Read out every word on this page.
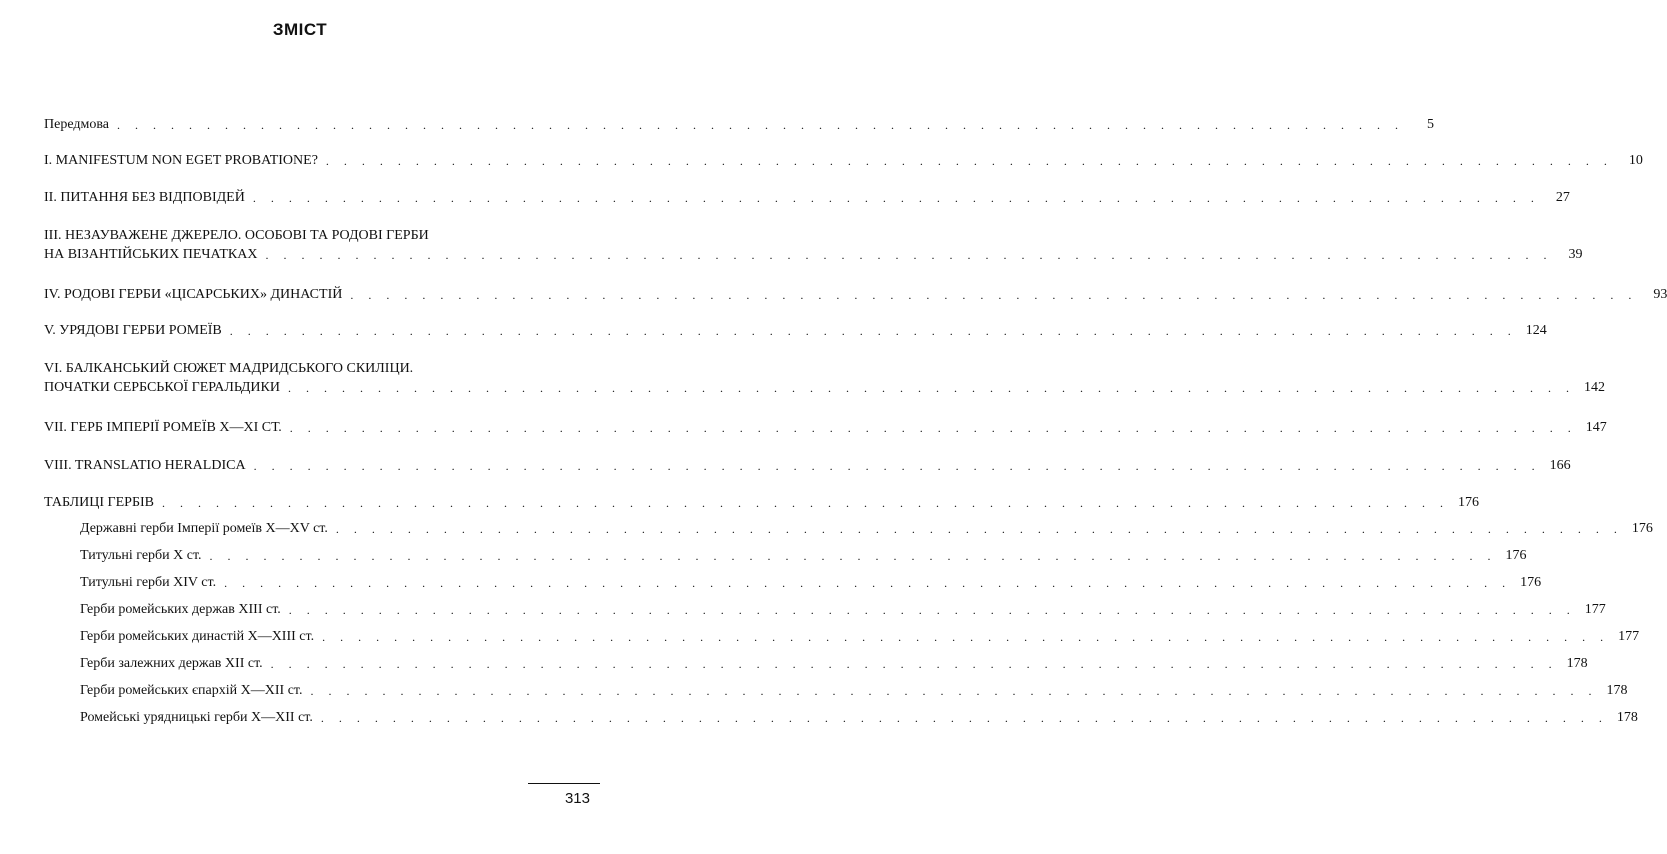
ЗМІСТ
Передмова . . . . . . . . . . . . . . . . . . . . . . . . . . . . . . . . . . . . . . . . . . . . . . . . . . . . . . . . . . . . . . . . . . . . . . . .	5
I. MANIFESTUM NON EGET PROBATIONE? . . . . . . . . . . . . . . . . . . . . . . . . . . . . . . . . . . . . . . . . . . . . . . . . . . . . . . . . . . . . . . . . . . . . . . . .	10
II. ПИТАННЯ БЕЗ ВІДПОВІДЕЙ . . . . . . . . . . . . . . . . . . . . . . . . . . . . . . . . . . . . . . . . . . . . . . . . . . . . . . . . . . . . . . . . . . . . . . . .	27
III. НЕЗАУВАЖЕНЕ ДЖЕРЕЛО. ОСОБОВІ ТА РОДОВІ ГЕРБИ
НА ВІЗАНТІЙСЬКИХ ПЕЧАТКАХ . . . . . . . . . . . . . . . . . . . . . . . . . . . . . . . . . . . . . . . . . . . . . . . . . . . . . . . . . . . . . . . . . . . . . . . .	39
IV. РОДОВІ ГЕРБИ «ЦІСАРСЬКИХ» ДИНАСТІЙ . . . . . . . . . . . . . . . . . . . . . . . . . . . . . . . . . . . . . . . . . . . . . . . . . . . . . . . . . . . . . . . . . . . . . . . .	93
V. УРЯДОВІ ГЕРБИ РОМЕЇВ . . . . . . . . . . . . . . . . . . . . . . . . . . . . . . . . . . . . . . . . . . . . . . . . . . . . . . . . . . . . . . . . . . . . . . . . 124
VI. БАЛКАНСЬКИЙ СЮЖЕТ МАДРИДСЬКОГО СКИЛІЦИ.
ПОЧАТКИ СЕРБСЬКОЇ ГЕРАЛЬДИКИ . . . . . . . . . . . . . . . . . . . . . . . . . . . . . . . . . . . . . . . . . . . . . . . . . . . . . . . . . . . . . . . . . . . . . . . . 142
VII. ГЕРБ ІМПЕРІЇ РОМЕЇВ X—XI СТ. . . . . . . . . . . . . . . . . . . . . . . . . . . . . . . . . . . . . . . . . . . . . . . . . . . . . . . . . . . . . . . . . . . . . . . . . 147
VIII. TRANSLATIO HERALDICA . . . . . . . . . . . . . . . . . . . . . . . . . . . . . . . . . . . . . . . . . . . . . . . . . . . . . . . . . . . . . . . . . . . . . . . . 166
ТАБЛИЦІ ГЕРБІВ . . . . . . . . . . . . . . . . . . . . . . . . . . . . . . . . . . . . . . . . . . . . . . . . . . . . . . . . . . . . . . . . . . . . . . . . 176
Державні герби Імперії ромеїв X—XV ст. . . . . . . . . . . . . . . . . . . . . . . . . . . . . . . . . . . . . . . . . . . . . . . . . . . . . . . . . . . . . . . . . . . . . . . . . 176
Титульні герби X ст. . . . . . . . . . . . . . . . . . . . . . . . . . . . . . . . . . . . . . . . . . . . . . . . . . . . . . . . . . . . . . . . . . . . . . . . . 176
Титульні герби XIV ст. . . . . . . . . . . . . . . . . . . . . . . . . . . . . . . . . . . . . . . . . . . . . . . . . . . . . . . . . . . . . . . . . . . . . . . . . 176
Герби ромейських держав XIII ст. . . . . . . . . . . . . . . . . . . . . . . . . . . . . . . . . . . . . . . . . . . . . . . . . . . . . . . . . . . . . . . . . . . . . . . . . 177
Герби ромейських династій X—XIII ст. . . . . . . . . . . . . . . . . . . . . . . . . . . . . . . . . . . . . . . . . . . . . . . . . . . . . . . . . . . . . . . . . . . . . . . . . 177
Герби залежних держав XII ст. . . . . . . . . . . . . . . . . . . . . . . . . . . . . . . . . . . . . . . . . . . . . . . . . . . . . . . . . . . . . . . . . . . . . . . . . 178
Герби ромейських єпархій X—XII ст. . . . . . . . . . . . . . . . . . . . . . . . . . . . . . . . . . . . . . . . . . . . . . . . . . . . . . . . . . . . . . . . . . . . . . . . . 178
Ромейські урядницькі герби X—XII ст. . . . . . . . . . . . . . . . . . . . . . . . . . . . . . . . . . . . . . . . . . . . . . . . . . . . . . . . . . . . . . . . . . . . . . . . . 178
313
